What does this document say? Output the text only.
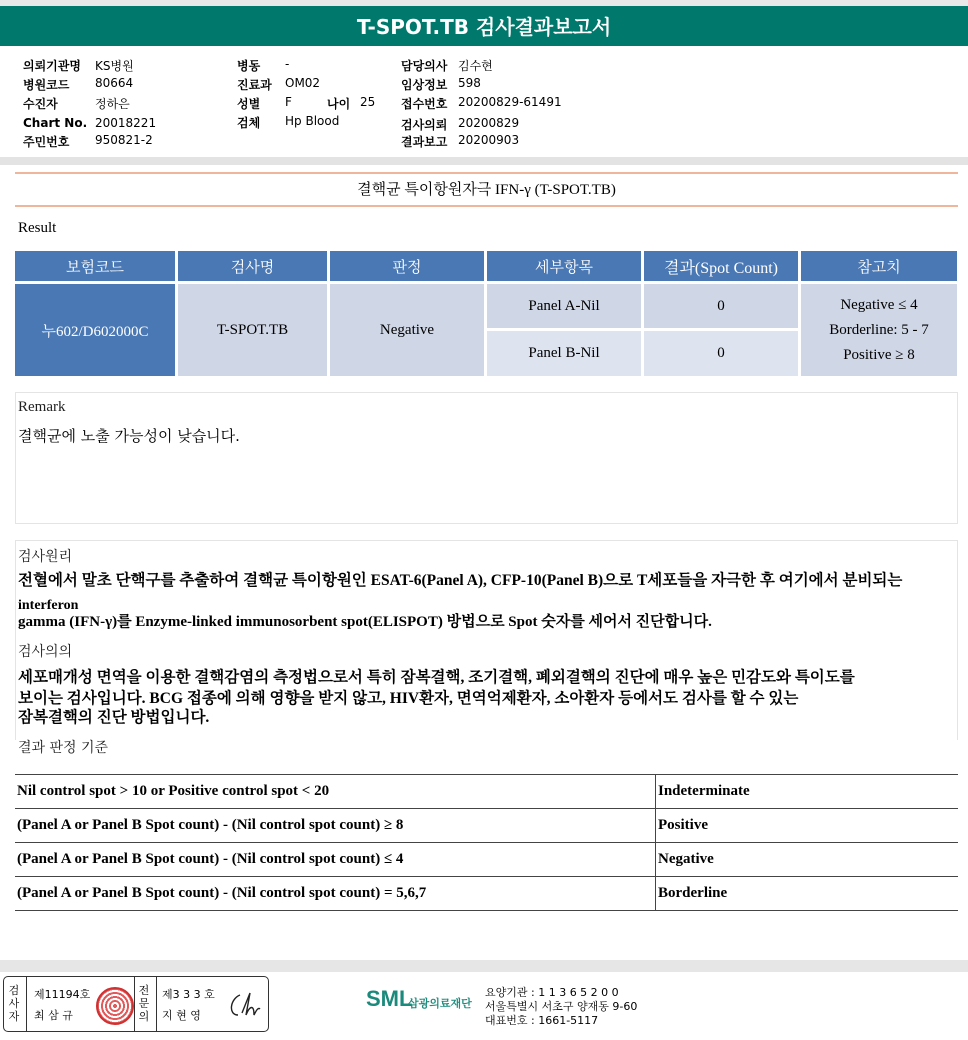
T-SPOT.TB 검사결과보고서
의뢰기관명 KS병원
병원코드 80664
수진자	정하은
Chart No. 20018221
주민번호 950821-2
병동 -
진료과 OM02
성별 F	나이 25
검체 Hp Blood
담당의사 김수현
임상정보 598
접수번호 20200829-61491
검사의뢰 20200829
결과보고 20200903
결핵균 특이항원자극 IFN-γ (T-SPOT.TB)
Result
보험코드	검사명	판정	세부항목	결과(Spot Count)	참고치
누602/D602000C	T-SPOT.TB	Negative
Panel A-Nil	0
Panel B-Nil	0
Negative ≤ 4
Borderline: 5 - 7
Positive ≥ 8
Remark
결핵균에 노출 가능성이 낮습니다.
검사원리
전혈에서 말초 단핵구를 추출하여 결핵균 특이항원인 ESAT-6(Panel A), CFP-10(Panel B)으로 T세포들을 자극한 후 여기에서 분비되는
interferon
gamma (IFN-γ)를 Enzyme-linked immunosorbent spot(ELISPOT) 방법으로 Spot 숫자를 세어서 진단합니다.
검사의의
세포매개성 면역을 이용한 결핵감염의 측정법으로서 특히 잠복결핵, 조기결핵, 폐외결핵의 진단에 매우 높은 민감도와 특이도를
보이는 검사입니다. BCG 접종에 의해 영향을 받지 않고, HIV환자, 면역억제환자, 소아환자 등에서도 검사를 할 수 있는
잠복결핵의 진단 방법입니다.
결과 판정 기준
Nil control spot > 10 or Positive control spot < 20	Indeterminate
(Panel A or Panel B Spot count) - (Nil control spot count) ≥ 8	Positive
(Panel A or Panel B Spot count) - (Nil control spot count) ≤ 4	Negative
(Panel A or Panel B Spot count) - (Nil control spot count) = 5,6,7	Borderline
검
사
자
제11194호
최 삼 규
전
문
의
제3 3 3 호
지 현 영
SML
삼광의료재단
요양기관 : 1 1 3 6 5 2 0 0
서울특별시 서초구 양재동 9-60
대표번호 : 1661-5117
